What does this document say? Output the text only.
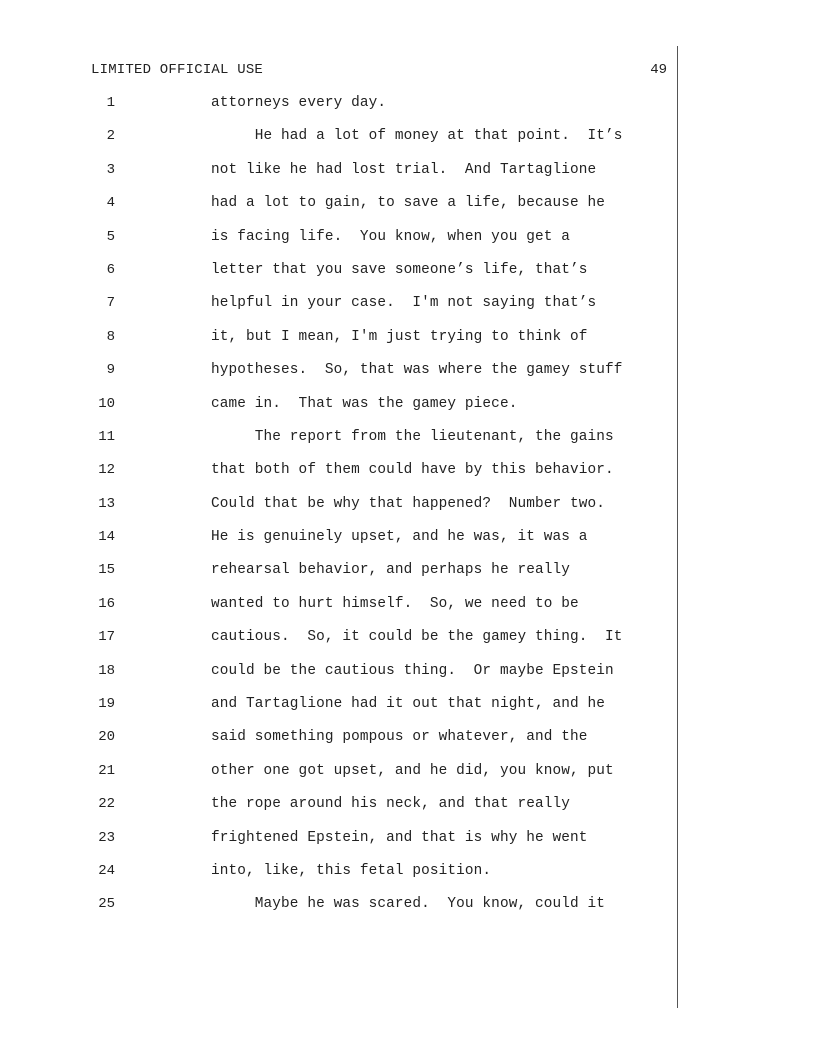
LIMITED OFFICIAL USE	49
1	attorneys every day.
2	He had a lot of money at that point.  It’s
3	not like he had lost trial.  And Tartaglione
4	had a lot to gain, to save a life, because he
5	is facing life.  You know, when you get a
6	letter that you save someone’s life, that’s
7	helpful in your case.  I'm not saying that’s
8	it, but I mean, I'm just trying to think of
9	hypotheses.  So, that was where the gamey stuff
10	came in.  That was the gamey piece.
11	The report from the lieutenant, the gains
12	that both of them could have by this behavior.
13	Could that be why that happened?  Number two.
14	He is genuinely upset, and he was, it was a
15	rehearsal behavior, and perhaps he really
16	wanted to hurt himself.  So, we need to be
17	cautious.  So, it could be the gamey thing.  It
18	could be the cautious thing.  Or maybe Epstein
19	and Tartaglione had it out that night, and he
20	said something pompous or whatever, and the
21	other one got upset, and he did, you know, put
22	the rope around his neck, and that really
23	frightened Epstein, and that is why he went
24	into, like, this fetal position.
25	Maybe he was scared.  You know, could it
